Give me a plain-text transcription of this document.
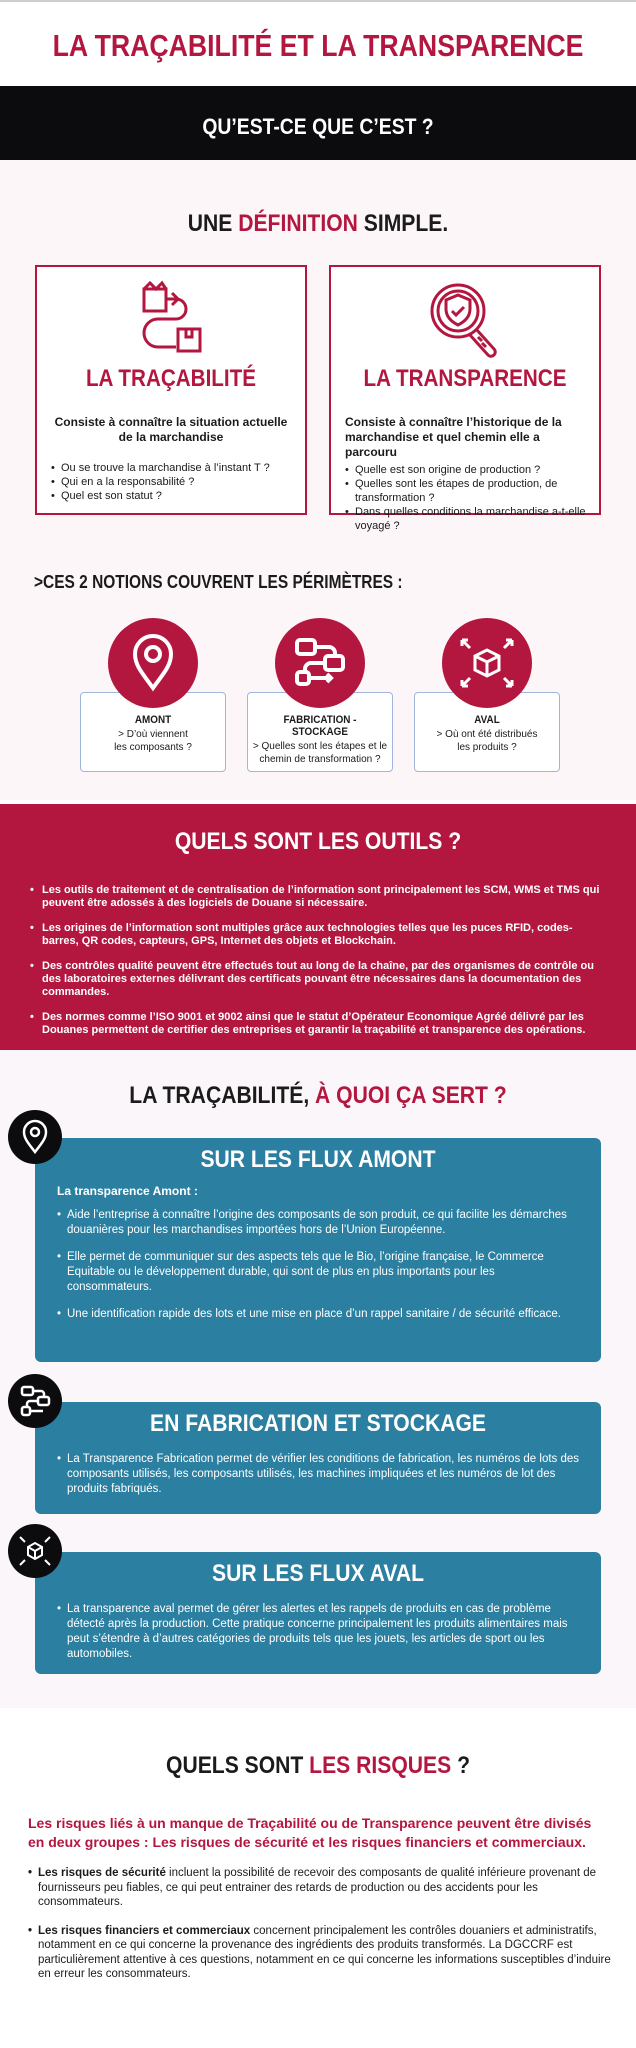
LA TRAÇABILITÉ ET LA TRANSPARENCE
QU’EST-CE QUE C’EST ?
UNE DÉFINITION SIMPLE.
LA TRAÇABILITÉ
Consiste à connaître la situation actuelle de la marchandise
• Ou se trouve la marchandise à l’instant T ?
• Qui en a la responsabilité ?
• Quel est son statut ?
LA TRANSPARENCE
Consiste à connaître l’historique de la marchandise et quel chemin elle a parcouru
• Quelle est son origine de production ?
• Quelles sont les étapes de production, de transformation ?
• Dans quelles conditions la marchandise a-t-elle voyagé ?
>CES 2 NOTIONS COUVRENT LES PÉRIMÈTRES :
AMONT
> D’où viennent
les composants ?
FABRICATION - STOCKAGE
> Quelles sont les étapes et le
chemin de transformation ?
AVAL
> Où ont été distribués
les produits ?
QUELS SONT LES OUTILS ?
• Les outils de traitement et de centralisation de l’information sont principalement les SCM, WMS et TMS qui peuvent être adossés à des logiciels de Douane si nécessaire.
• Les origines de l’information sont multiples grâce aux technologies telles que les puces RFID, codes-barres, QR codes, capteurs, GPS, Internet des objets et Blockchain.
• Des contrôles qualité peuvent être effectués tout au long de la chaîne, par des organismes de contrôle ou des laboratoires externes délivrant des certificats pouvant être nécessaires dans la documentation des commandes.
• Des normes comme l’ISO 9001 et 9002 ainsi que le statut d’Opérateur Economique Agréé délivré par les Douanes permettent de certifier des entreprises et garantir la traçabilité et transparence des opérations.
LA TRAÇABILITÉ, À QUOI ÇA SERT ?
SUR LES FLUX AMONT
La transparence Amont :
• Aide l’entreprise à connaître l’origine des composants de son produit, ce qui facilite les démarches douanières pour les marchandises importées hors de l’Union Européenne.
• Elle permet de communiquer sur des aspects tels que le Bio, l’origine française, le Commerce Equitable ou le développement durable, qui sont de plus en plus importants pour les consommateurs.
• Une identification rapide des lots et une mise en place d’un rappel sanitaire / de sécurité efficace.
EN FABRICATION ET STOCKAGE
• La Transparence Fabrication permet de vérifier les conditions de fabrication, les numéros de lots des composants utilisés, les composants utilisés, les machines impliquées et les numéros de lot des produits fabriqués.
SUR LES FLUX AVAL
• La transparence aval permet de gérer les alertes et les rappels de produits en cas de problème détecté après la production. Cette pratique concerne principalement les produits alimentaires mais peut s’étendre à d’autres catégories de produits tels que les jouets, les articles de sport ou les automobiles.
QUELS SONT LES RISQUES ?
Les risques liés à un manque de Traçabilité ou de Transparence peuvent être divisés en deux groupes : Les risques de sécurité et les risques financiers et commerciaux.
• Les risques de sécurité incluent la possibilité de recevoir des composants de qualité inférieure provenant de fournisseurs peu fiables, ce qui peut entrainer des retards de production ou des accidents pour les consommateurs.
• Les risques financiers et commerciaux concernent principalement les contrôles douaniers et administratifs, notamment en ce qui concerne la provenance des ingrédients des produits transformés. La DGCCRF est particulièrement attentive à ces questions, notamment en ce qui concerne les informations susceptibles d’induire en erreur les consommateurs.
